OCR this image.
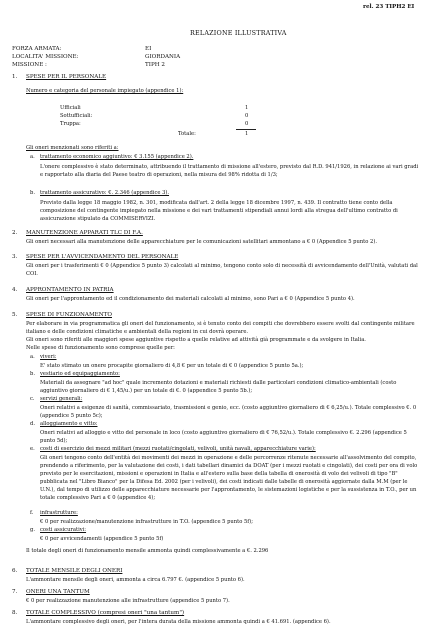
rel. 23 TIPH2 EI
RELAZIONE ILLUSTRATIVA
FORZA ARMATA:	EI
LOCALITA' MISSIONE:	GIORDANIA
MISSIONE :	TIPH 2
1. SPESE PER IL PERSONALE
Numero e categoria del personale impiegato (appendice 1):
Ufficiali	1
Sottufficiali:	0
Truppa:	0
Totale:	1
Gli oneri menzionati sono riferiti a:
a. trattamento economico aggiuntivo: € 3.155 (appendice 2).
L'onere complessivo è stato determinato, attribuendo il trattamento di missione all'estero, previsto dal R.D. 941/1926, in relazione ai vari gradi e rapportato alla diaria del Paese teatro di operazioni, nella misura del 98% ridotta di 1/3;
b. trattamento assicurativo: €. 2.346 (appendice 3).
Previsto dalla legge 18 maggio 1982, n. 301, modificata dall'art. 2 della legge 18 dicembre 1997, n. 439. Il contratto tiene conto della composizione del contingente impiegato nella missione e dei vari trattamenti stipendiali annui lordi alla stregua dell'ultimo contratto di assicurazione stipulato da COMMISERVIZI.
2. MANUTENZIONE APPARATI TLC DI F.A.
Gli oneri necessari alla manutenzione delle apparecchiature per le comunicazioni satellitari ammontano a € 0 (Appendice 5 punto 2).
3. SPESE PER L'AVVICENDAMENTO DEL PERSONALE
Gli oneri per i trasferimenti € 0 (Appendice 5 punto 3) calcolati al minimo, tengono conto solo di necessità di avvicendamento dell'Unità, valutati dal COI.
4. APPRONTAMENTO IN PATRIA
Gli oneri per l'approntamento ed il condizionamento dei materiali calcolati al minimo, sono Pari a € 0 (Appendice 5 punto 4).
5. SPESE DI FUNZIONAMENTO
Per elaborare in via programmatica gli oneri del funzionamento, si è tenuto conto dei compiti che dovrebbero essere svolti dal contingente militare italiano e delle condizioni climatiche e ambientali della regioni in cui dovrà operare.
Gli oneri sono riferiti alle maggiori spese aggiuntive rispetto a quelle relative ad attività già programmate e da svolgere in Italia.
Nelle spese di funzionamento sono comprese quelle per:
a. viveri:
E' stato stimato un onere procapite giornaliero di 4,8 € per un totale di € 0 (appendice 5 punto 5a.);
b. vestiario ed equipaggiamento:
Materiali da assegnare "ad hoc" quale incremento dotazioni e materiali richiesti dalle particolari condizioni climatico-ambientali (costo aggiuntivo giornaliero di € 1,45/u.) per un totale di €. 0 (appendice 5 punto 5b.);
c. servizi generali:
Oneri relativi a esigenze di sanità, commissariato, trasmissioni e genio, ecc. (costo aggiuntivo giornaliero di € 6,25/u.). Totale complessivo €. 0 (appendice 5 punto 5c);
d. alloggiamento e vitto:
Oneri relativi ad alloggio e vitto del personale in loco (costo aggiuntivo giornaliero di € 76,52/u.). Totale complessivo €. 2.296 (appendice 5 punto 5d);
e. costi di esercizio dei mezzi militari (mezzi ruotati/cingolati, velivoli, unità navali, apparecchiature varie):
Gli oneri tengono conto dell'entità dei movimenti dei mezzi in operazione e delle percorrenze ritenute necessarie all'assolvimento del compito, prendendo a riferimento, per la valutazione dei costi, i dati tabellari dinamici da DOAT (per i mezzi ruotati e cingolati), dei costi per ora di volo previsto per le esercitazioni, missioni e operazioni in Italia e all'estero sulla base della tabella di onerosità di volo dei velivoli di tipo "B" pubblicata nel "Libro Bianco" per la Difesa Ed. 2002 (per i velivoli), dei costi indicati dalle tabelle di onerosità aggiornate dalla M.M (per le U.N.), dal tempo di utilizzo delle apparecchiature necessarie per l'approntamento, le sistemazioni logistiche e per la sussistenza in T.O., per un totale complessivo Pari a € 0 (appendice 4);
f. infrastrutture:
€ 0 per realizzazione/manutenzione infrastrutture in T.O. (appendice 5 punto 5f);
g. costi assicurativi:
€ 0 per avvicendamenti (appendice 5 punto 5f)
Il totale degli oneri di funzionamento mensile ammonta quindi complessivamente a €. 2.296
6. TOTALE MENSILE DEGLI ONERI
L'ammontare mensile degli oneri, ammonta a circa 6.797 €. (appendice 5 punto 6).
7. ONERI UNA TANTUM
€ 0 per realizzazione manutenzione alle infrastrutture (appendice 5 punto 7).
8. TOTALE COMPLESSIVO (compresi oneri "una tantum")
L'ammontare complessivo degli oneri, per l'intera durata della missione ammonta quindi a € 41.691. (appendice 6).
